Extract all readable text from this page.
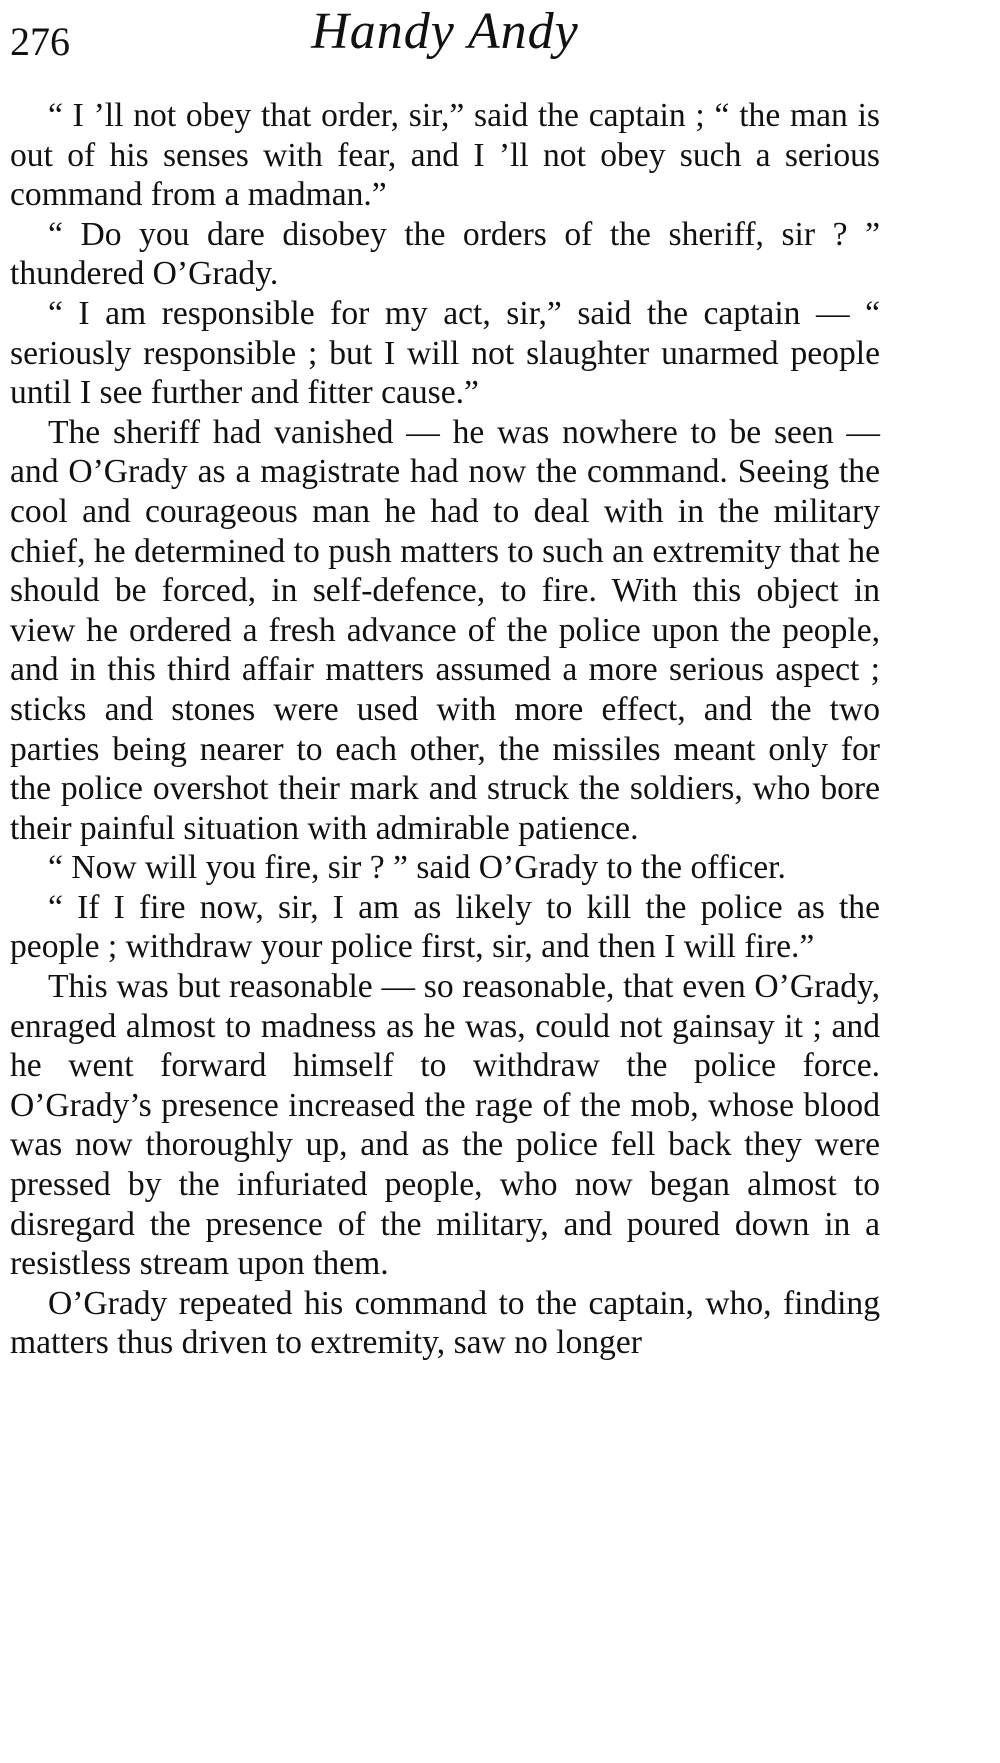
276	Handy Andy

“ I ’ll not obey that order, sir,” said the captain ; “ the man is out of his senses with fear, and I ’ll not obey such a serious command from a madman.”

“ Do you dare disobey the orders of the sheriff, sir ? ” thundered O’Grady.

“ I am responsible for my act, sir,” said the captain — “ seriously responsible ; but I will not slaughter unarmed people until I see further and fitter cause.”

The sheriff had vanished — he was nowhere to be seen — and O’Grady as a magistrate had now the command. Seeing the cool and courageous man he had to deal with in the military chief, he determined to push matters to such an extremity that he should be forced, in self-defence, to fire. With this object in view he ordered a fresh advance of the police upon the people, and in this third affair matters assumed a more serious aspect ; sticks and stones were used with more effect, and the two parties being nearer to each other, the missiles meant only for the police overshot their mark and struck the soldiers, who bore their painful situation with admirable patience.

“ Now will you fire, sir ? ” said O’Grady to the officer.

“ If I fire now, sir, I am as likely to kill the police as the people ; withdraw your police first, sir, and then I will fire.”

This was but reasonable — so reasonable, that even O’Grady, enraged almost to madness as he was, could not gainsay it ; and he went forward himself to withdraw the police force. O’Grady’s presence increased the rage of the mob, whose blood was now thoroughly up, and as the police fell back they were pressed by the infuriated people, who now began almost to disregard the presence of the military, and poured down in a resistless stream upon them.

O’Grady repeated his command to the captain, who, finding matters thus driven to extremity, saw no longer
